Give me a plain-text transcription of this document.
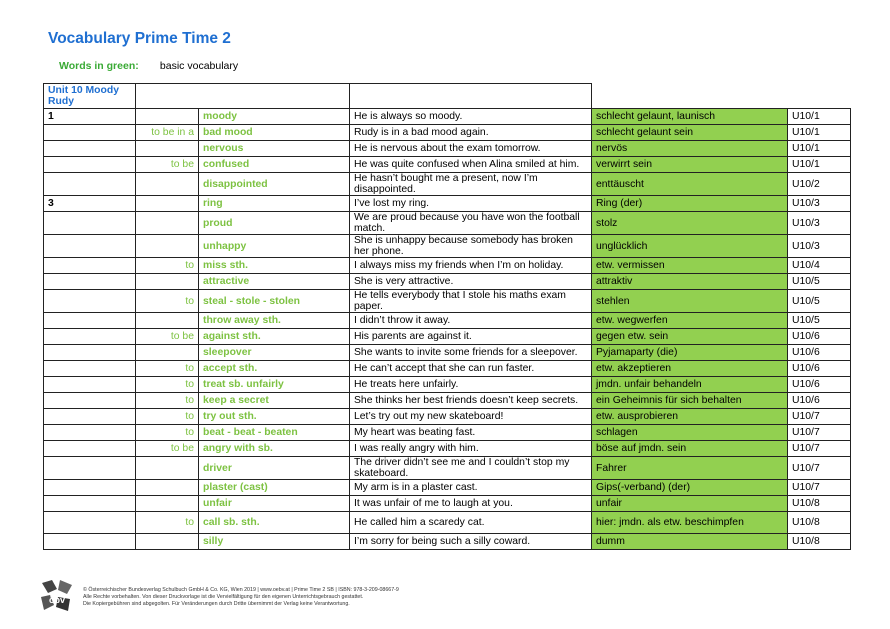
Vocabulary Prime Time 2
Words in green: basic vocabulary
Unit 10 Moody
Rudy					

1		moody	He is always so moody.	schlecht gelaunt, launisch	U10/1
	to be in a	bad mood	Rudy is in a bad mood again.	schlecht gelaunt sein	U10/1
		nervous	He is nervous about the exam tomorrow.	nervös	U10/1
	to be	confused	He was quite confused when Alina smiled at him.	verwirrt sein	U10/1
		disappointed	He hasn’t bought me a present, now I’m disappointed.	enttäuscht	U10/2
3		ring	I’ve lost my ring.	Ring (der)	U10/3
		proud	We are proud because you have won the football match.	stolz	U10/3
		unhappy	She is unhappy because somebody has broken her phone.	unglücklich	U10/3
	to	miss sth.	I always miss my friends when I’m on holiday.	etw. vermissen	U10/4
		attractive	She is very attractive.	attraktiv	U10/5
	to	steal - stole - stolen	He tells everybody that I stole his maths exam paper.	stehlen	U10/5
		throw away sth.	I didn’t throw it away.	etw. wegwerfen	U10/5
	to be	against sth.	His parents are against it.	gegen etw. sein	U10/6
		sleepover	She wants to invite some friends for a sleepover.	Pyjamaparty (die)	U10/6
	to	accept sth.	He can’t accept that she can run faster.	etw. akzeptieren	U10/6
	to	treat sb. unfairly	He treats here unfairly.	jmdn. unfair behandeln	U10/6
	to	keep a secret	She thinks her best friends doesn’t keep secrets.	ein Geheimnis für sich behalten	U10/6
	to	try out sth.	Let’s try out my new skateboard!	etw. ausprobieren	U10/7
	to	beat - beat - beaten	My heart was beating fast.	schlagen	U10/7
	to be	angry with sb.	I was really angry with him.	böse auf jmdn. sein	U10/7
		driver	The driver didn’t see me and I couldn’t stop my skateboard.	Fahrer	U10/7
		plaster (cast)	My arm is in a plaster cast.	Gips(-verband) (der)	U10/7
		unfair	It was unfair of me to laugh at you.	unfair	U10/8
	to	call sb. sth.	He called him a scaredy cat.	hier: jmdn. als etw. beschimpfen	U10/8
		silly	I’m sorry for being such a silly coward.	dumm	U10/8
öbv
© Österreichischer Bundesverlag Schulbuch GmbH & Co. KG, Wien 2019 | www.oebv.at | Prime Time 2 SB | ISBN: 978-3-209-08667-9
Alle Rechte vorbehalten. Von dieser Druckvorlage ist die Vervielfältigung für den eigenen Unterrichtsgebrauch gestattet.
Die Kopiergebühren sind abgegolten. Für Veränderungen durch Dritte übernimmt der Verlag keine Verantwortung.
